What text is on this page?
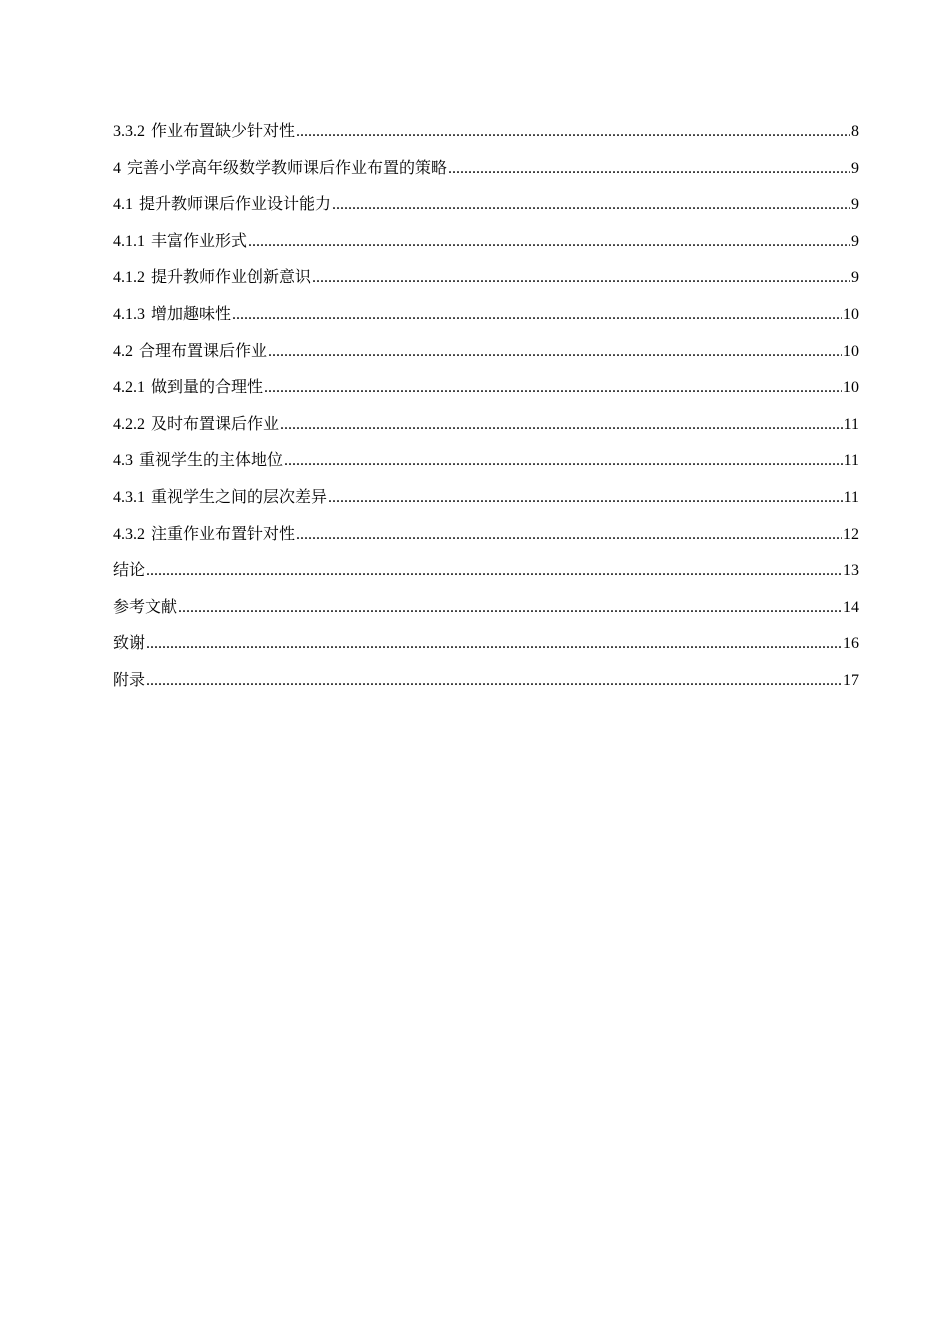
3.3.2 作业布置缺少针对性 .....	8
4 完善小学高年级数学教师课后作业布置的策略 .....	9
4.1 提升教师课后作业设计能力 .....	9
4.1.1 丰富作业形式 .....	9
4.1.2 提升教师作业创新意识 .....	9
4.1.3 增加趣味性 .....	10
4.2 合理布置课后作业 .....	10
4.2.1 做到量的合理性 .....	10
4.2.2 及时布置课后作业 .....	11
4.3 重视学生的主体地位 .....	11
4.3.1 重视学生之间的层次差异 .....	11
4.3.2 注重作业布置针对性 .....	12
结论 .....	13
参考文献 .....	14
致谢 .....	16
附录 .....	17
